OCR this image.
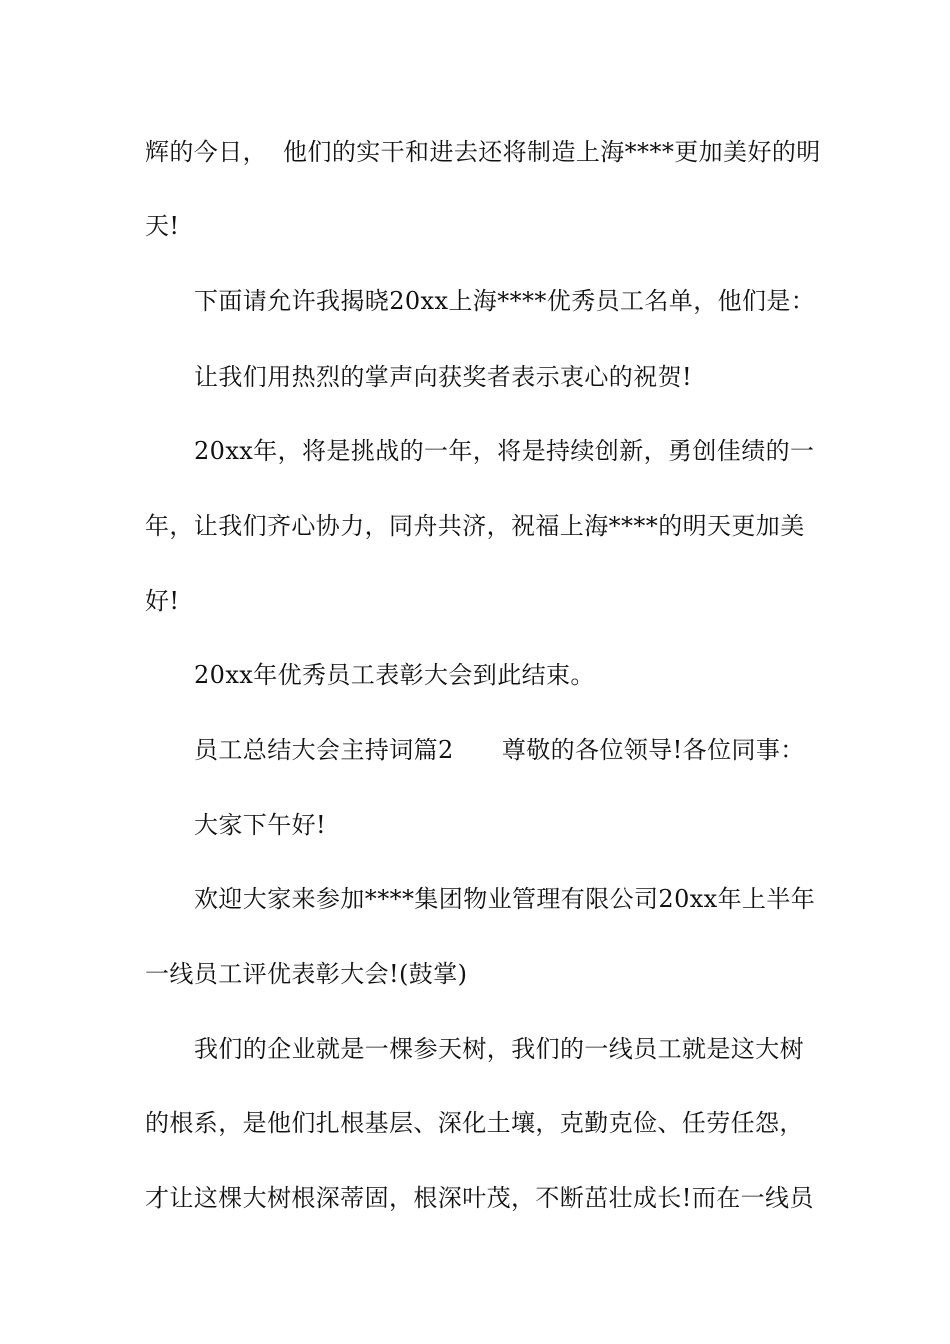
辉的今日，  他们的实干和进去还将制造上海****更加美好的明
天!
下面请允许我揭晓20xx上海****优秀员工名单，他们是：
让我们用热烈的掌声向获奖者表示衷心的祝贺!
20xx年，将是挑战的一年，将是持续创新，勇创佳绩的一
年，让我们齐心协力，同舟共济，祝福上海****的明天更加美
好!
20xx年优秀员工表彰大会到此结束。
员工总结大会主持词篇2      尊敬的各位领导!各位同事：
大家下午好!
欢迎大家来参加****集团物业管理有限公司20xx年上半年
一线员工评优表彰大会!(鼓掌)
我们的企业就是一棵参天树，我们的一线员工就是这大树
的根系，是他们扎根基层、深化土壤，克勤克俭、任劳任怨，
才让这棵大树根深蒂固，根深叶茂，不断茁壮成长!而在一线员
